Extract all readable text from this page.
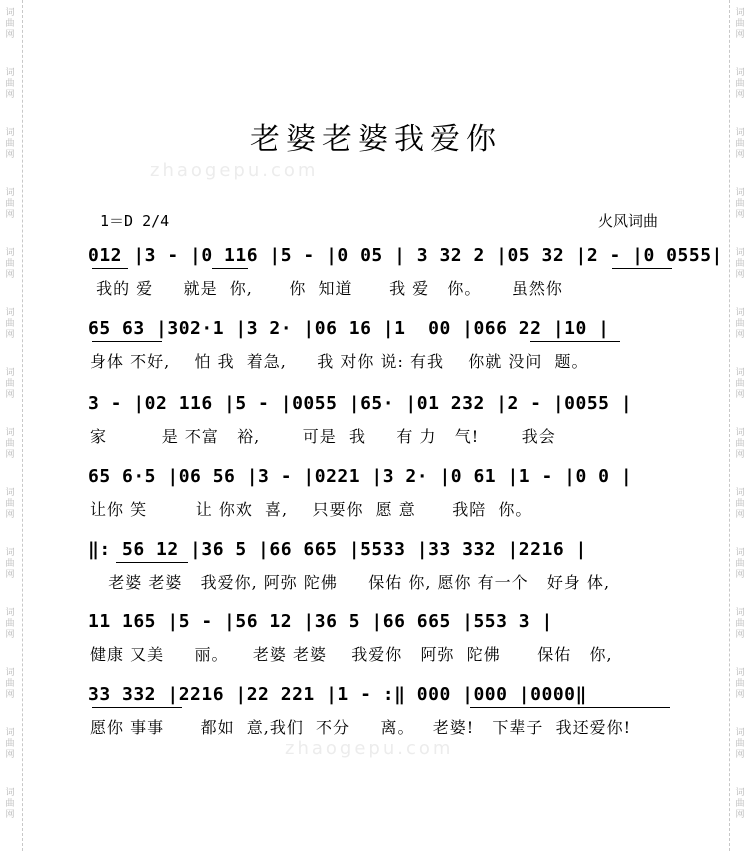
词
曲
网
词
曲
网
词
曲
网
词
曲
网
词
曲
网
词
曲
网
词
曲
网
词
曲
网
词
曲
网
词
曲
网
词
曲
网
词
曲
网
词
曲
网
词
曲
网
词
曲
网
词
曲
网
词
曲
网
词
曲
网
词
曲
网
词
曲
网
词
曲
网
词
曲
网
词
曲
网
词
曲
网
词
曲
网
词
曲
网
词
曲
网
词
曲
网
zhaogepu.com
zhaogepu.com
老婆老婆我爱你
1＝D 2/4	火风词曲
012 |3 - |0 116 |5 - |0 05 | 3 32 2 |05 32 |2 - |0 0555|
我的 爱     就是  你,      你  知道      我 爱   你。     虽然你
65 63 |302·1 |3 2· |06 16 |1  00 |066 22 |10 |
身体 不好,    怕 我  着急,     我 对你 说: 有我    你就 没问  题。
3 - |02 116 |5 - |0055 |65· |01 232 |2 - |0055 |
家         是 不富   裕,       可是  我     有 力   气!       我会
65 6·5 |06 56 |3 - |0221 |3 2· |0 61 |1 - |0 0 |
让你 笑        让 你欢  喜,    只要你  愿 意      我陪  你。
‖: 56 12 |36 5 |66 665 |5533 |33 332 |2216 |
老婆 老婆   我爱你, 阿弥 陀佛     保佑 你, 愿你 有一个   好身 体,
11 165 |5 - |56 12 |36 5 |66 665 |553 3 |
健康 又美     丽。    老婆 老婆    我爱你   阿弥  陀佛      保佑   你,
33 332 |2216 |22 221 |1 - :‖ 000 |000 |0000‖
愿你 事事      都如  意,我们  不分     离。   老婆!   下辈子  我还爱你!
